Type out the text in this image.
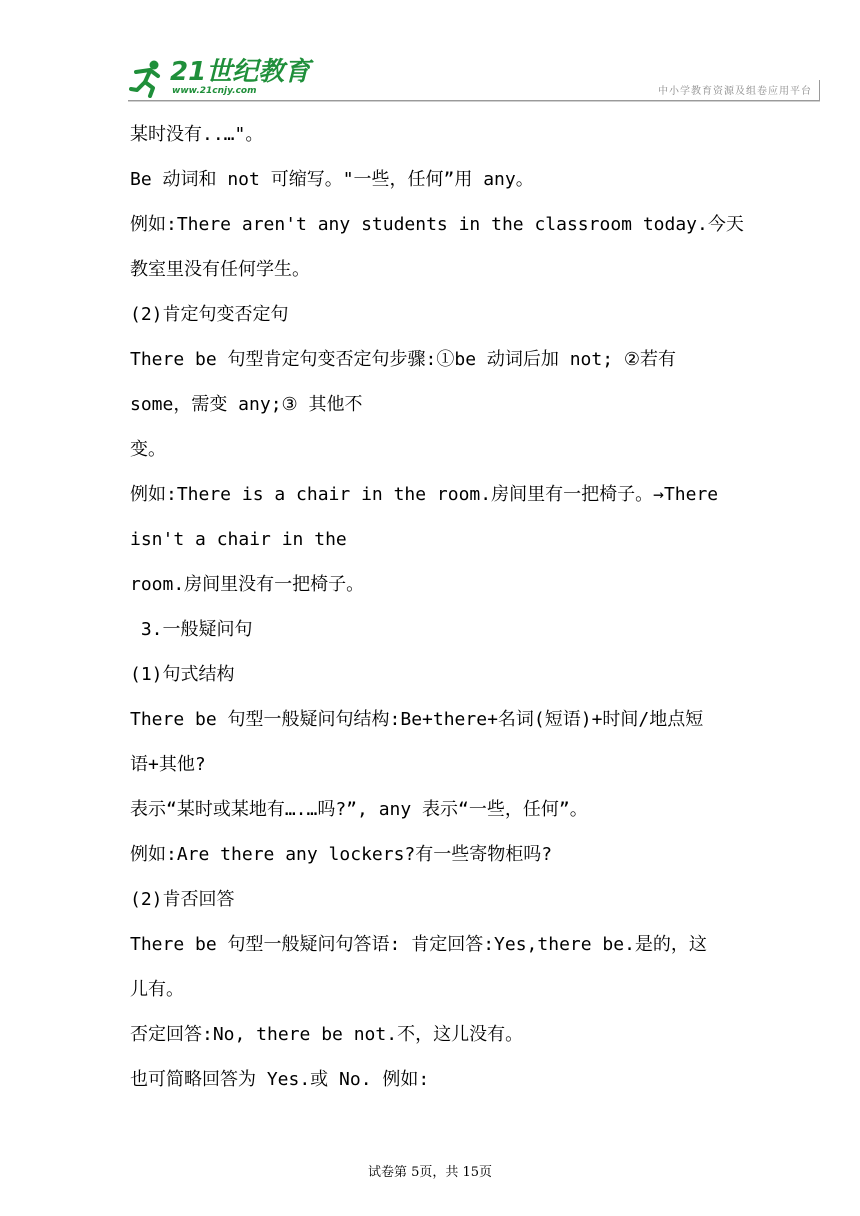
21世纪教育
www.21cnjy.com	中小学教育资源及组卷应用平台
某时没有..…"。
Be 动词和 not 可缩写。"一些，任何”用 any。
例如:There aren't any students in the classroom today.今天
教室里没有任何学生。
(2)肯定句变否定句
There be 句型肯定句变否定句步骤:①be 动词后加 not; ②若有
some，需变 any;③ 其他不
变。
例如:There is a chair in the room.房间里有一把椅子。→There
isn't a chair in the
room.房间里没有一把椅子。
3.一般疑问句
(1)句式结构
There be 句型一般疑问句结构:Be+there+名词(短语)+时间/地点短
语+其他?
表示“某时或某地有….…吗?”, any 表示“一些，任何”。
例如:Are there any lockers?有一些寄物柜吗?
(2)肯否回答
There be 句型一般疑问句答语: 肯定回答:Yes,there be.是的，这
儿有。
否定回答:No, there be not.不，这儿没有。
也可简略回答为 Yes.或 No. 例如:
试卷第 5页，共 15页
